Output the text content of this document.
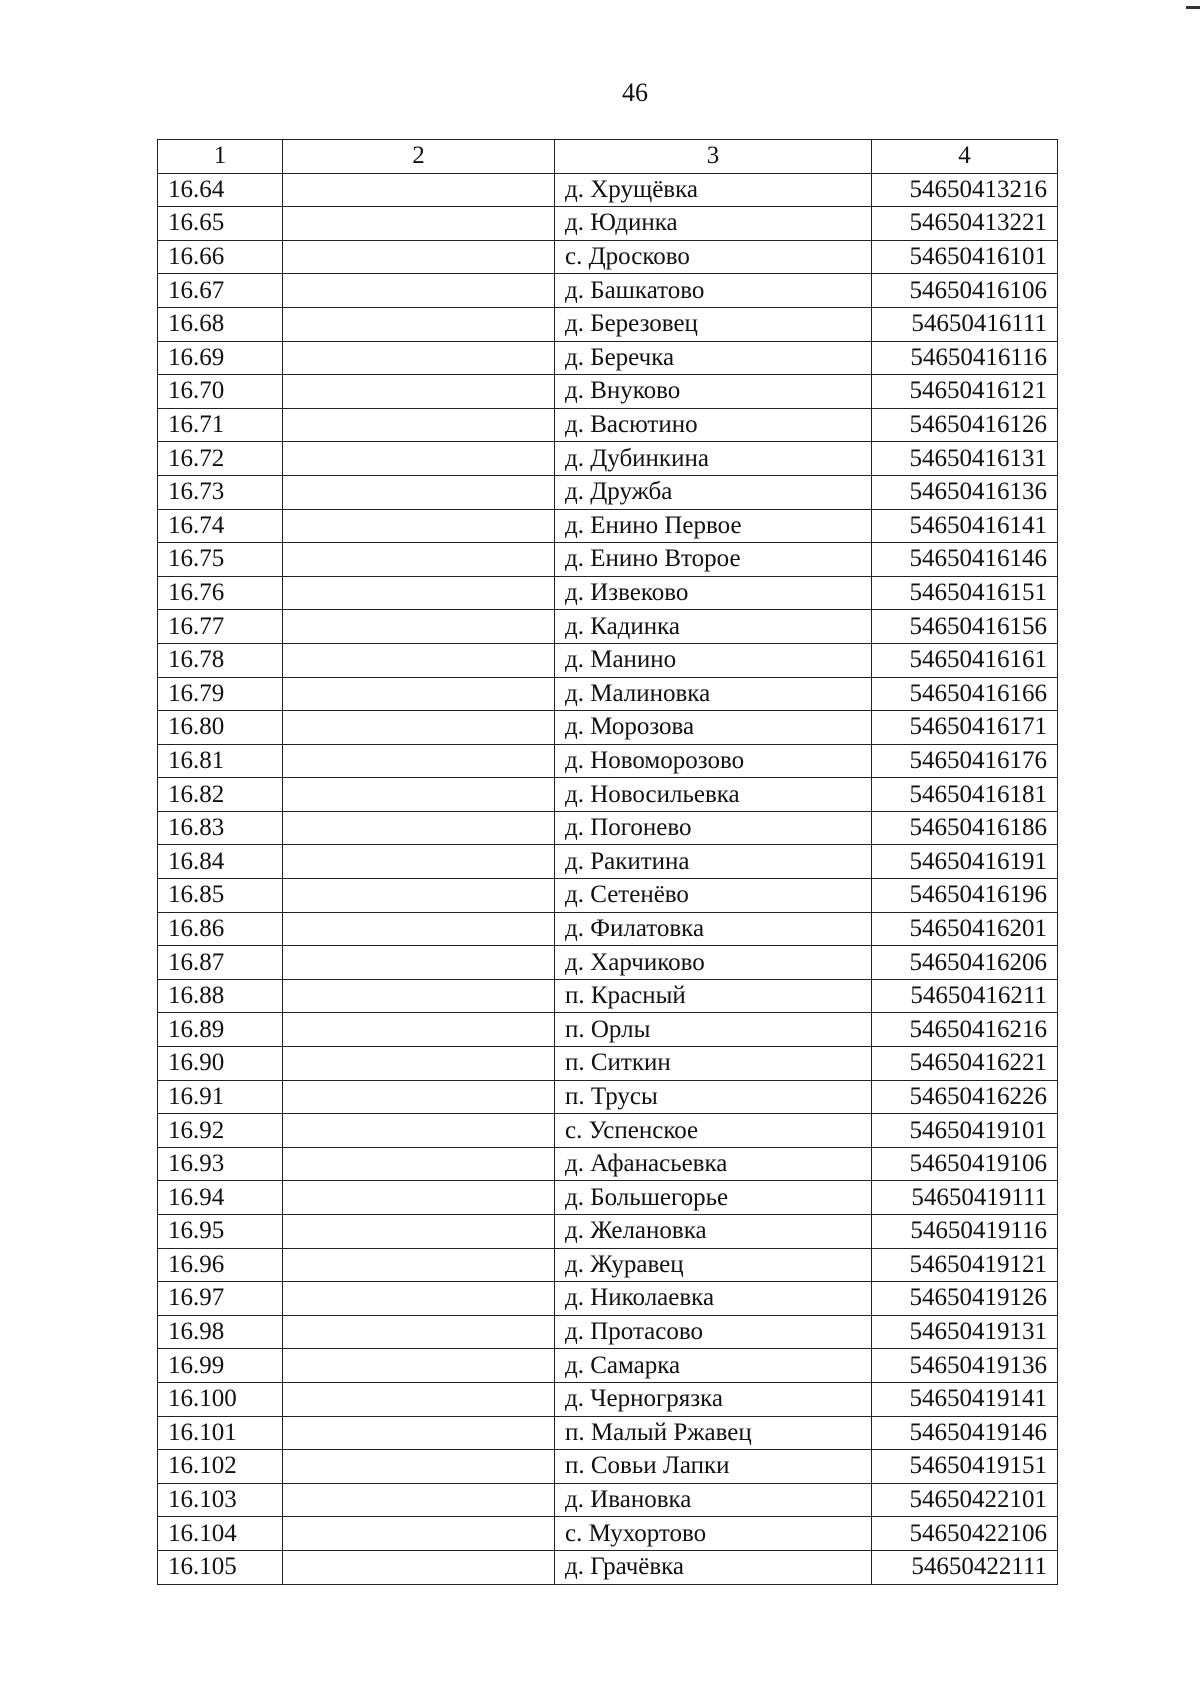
46
1	2	3	4
16.64		д. Хрущёвка	54650413216
16.65		д. Юдинка	54650413221
16.66		с. Дросково	54650416101
16.67		д. Башкатово	54650416106
16.68		д. Березовец	54650416111
16.69		д. Беречка	54650416116
16.70		д. Внуково	54650416121
16.71		д. Васютино	54650416126
16.72		д. Дубинкина	54650416131
16.73		д. Дружба	54650416136
16.74		д. Енино Первое	54650416141
16.75		д. Енино Второе	54650416146
16.76		д. Извеково	54650416151
16.77		д. Кадинка	54650416156
16.78		д. Манино	54650416161
16.79		д. Малиновка	54650416166
16.80		д. Морозова	54650416171
16.81		д. Новоморозово	54650416176
16.82		д. Новосильевка	54650416181
16.83		д. Погонево	54650416186
16.84		д. Ракитина	54650416191
16.85		д. Сетенёво	54650416196
16.86		д. Филатовка	54650416201
16.87		д. Харчиково	54650416206
16.88		п. Красный	54650416211
16.89		п. Орлы	54650416216
16.90		п. Ситкин	54650416221
16.91		п. Трусы	54650416226
16.92		с. Успенское	54650419101
16.93		д. Афанасьевка	54650419106
16.94		д. Большегорье	54650419111
16.95		д. Желановка	54650419116
16.96		д. Журавец	54650419121
16.97		д. Николаевка	54650419126
16.98		д. Протасово	54650419131
16.99		д. Самарка	54650419136
16.100		д. Черногрязка	54650419141
16.101		п. Малый Ржавец	54650419146
16.102		п. Совьи Лапки	54650419151
16.103		д. Ивановка	54650422101
16.104		с. Мухортово	54650422106
16.105		д. Грачёвка	54650422111
